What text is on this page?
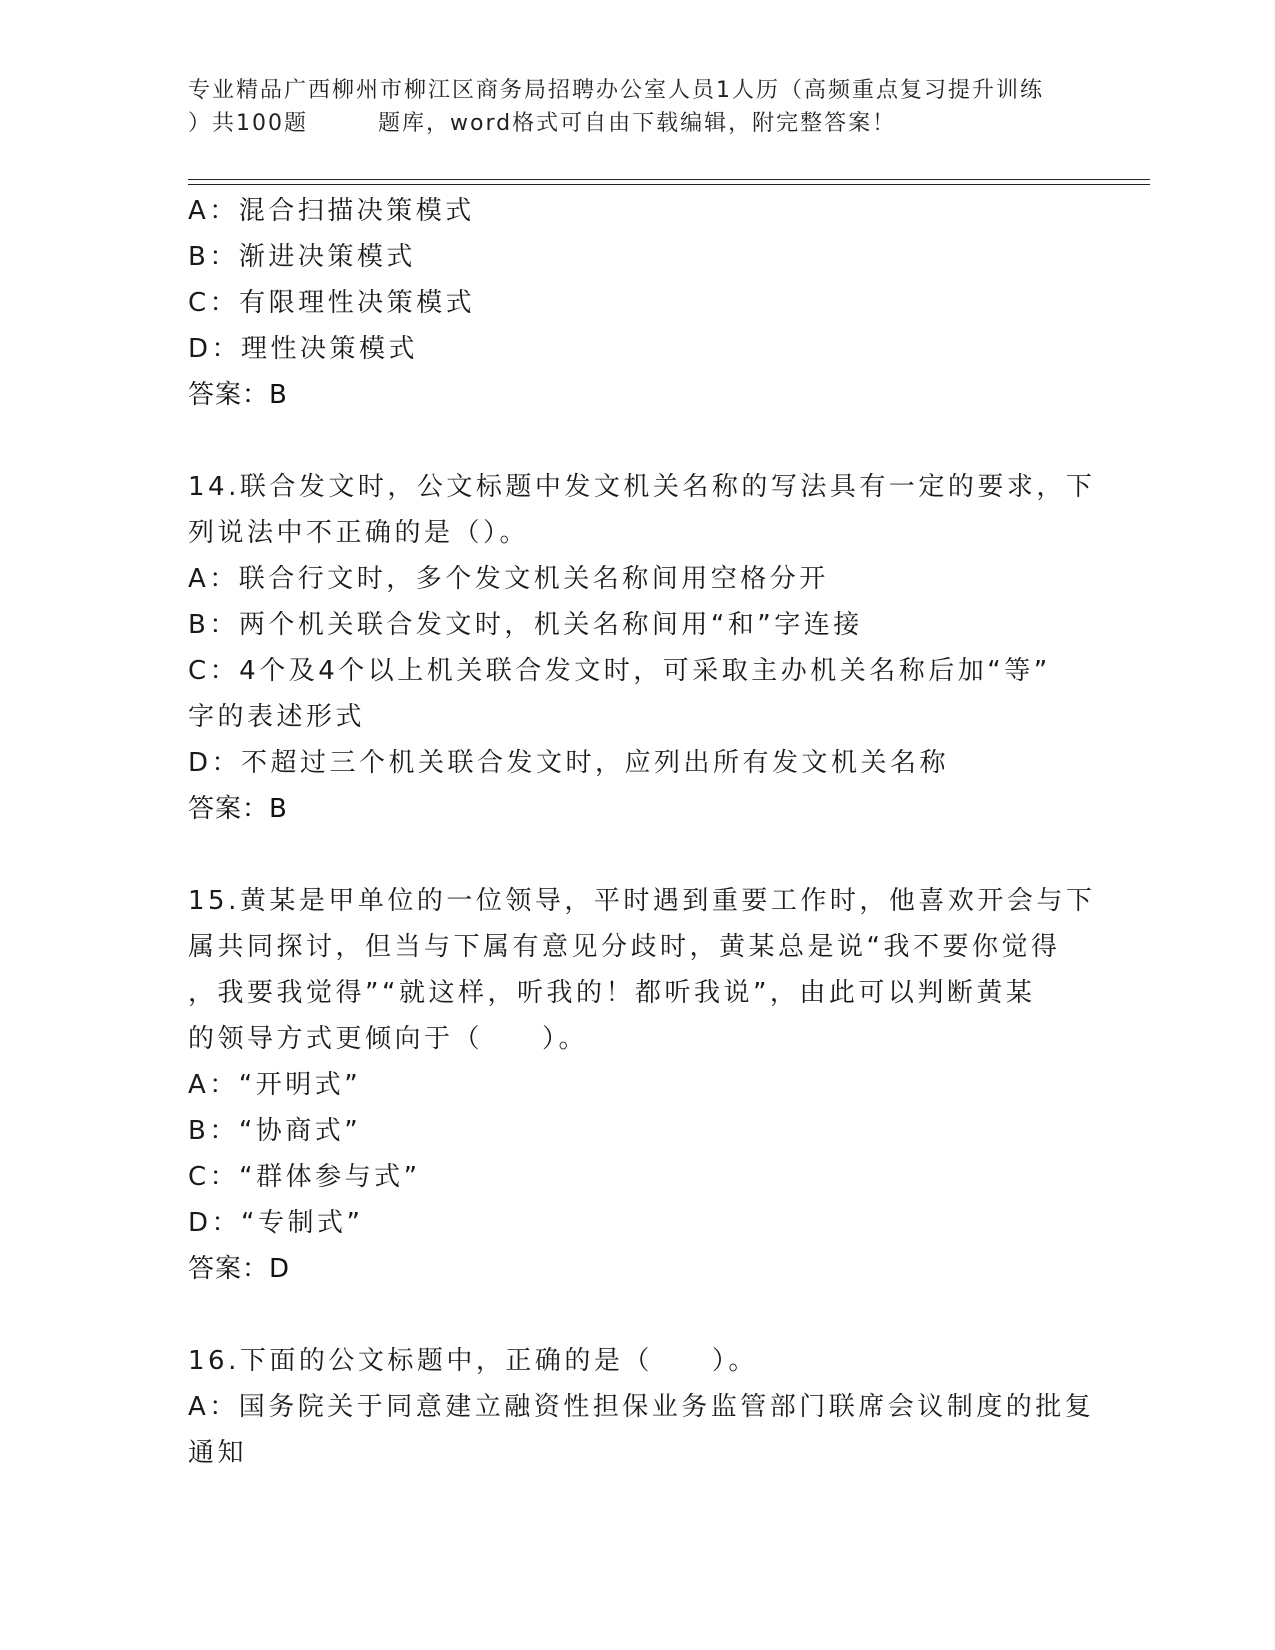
专业精品广西柳州市柳江区商务局招聘办公室人员1人历（高频重点复习提升训练
）共100题	题库，word格式可自由下载编辑，附完整答案！
A：混合扫描决策模式
B：渐进决策模式
C：有限理性决策模式
D：理性决策模式
答案：B
14.联合发文时，公文标题中发文机关名称的写法具有一定的要求，下
列说法中不正确的是（）。
A：联合行文时，多个发文机关名称间用空格分开
B：两个机关联合发文时，机关名称间用“和”字连接
C：4个及4个以上机关联合发文时，可采取主办机关名称后加“等”
字的表述形式
D：不超过三个机关联合发文时，应列出所有发文机关名称
答案：B
15.黄某是甲单位的一位领导，平时遇到重要工作时，他喜欢开会与下
属共同探讨，但当与下属有意见分歧时，黄某总是说“我不要你觉得
，我要我觉得”“就这样，听我的！都听我说”，由此可以判断黄某
的领导方式更倾向于（　　）。
A：“开明式”
B：“协商式”
C：“群体参与式”
D：“专制式”
答案：D
16.下面的公文标题中，正确的是（　　）。
A：国务院关于同意建立融资性担保业务监管部门联席会议制度的批复
通知
